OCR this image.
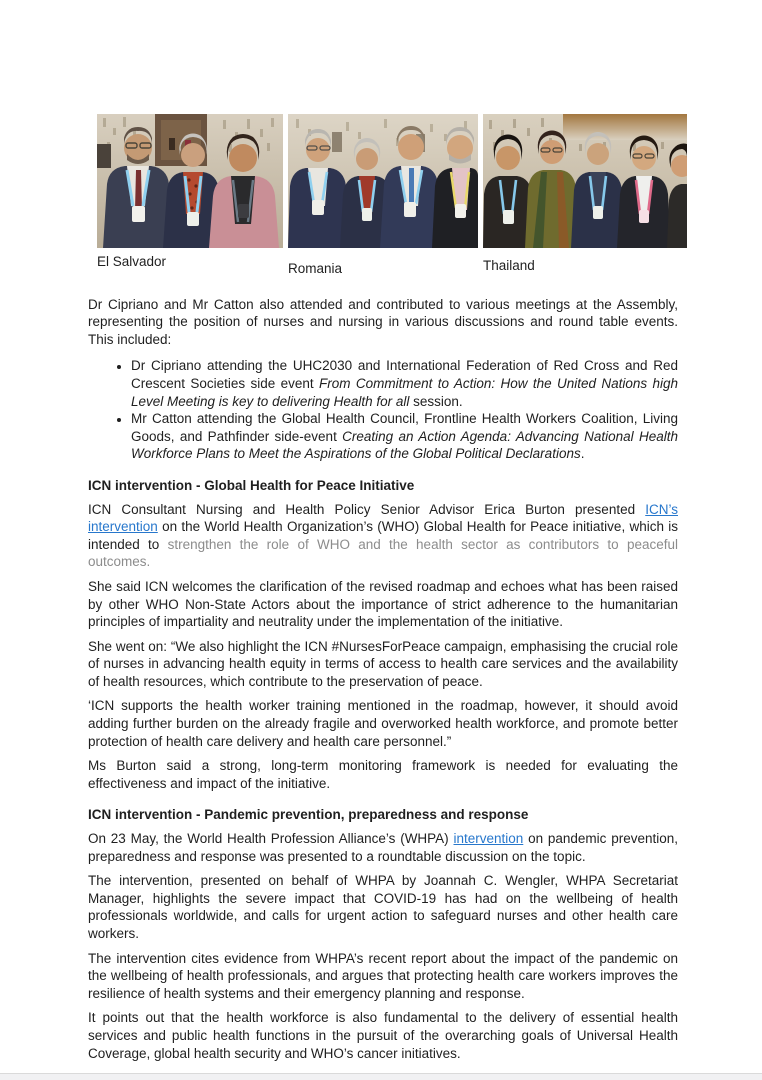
El Salvador	Romania	Thailand

Dr Cipriano and Mr Catton also attended and contributed to various meetings at the Assembly, representing the position of nurses and nursing in various discussions and round table events. This included:

• Dr Cipriano attending the UHC2030 and International Federation of Red Cross and Red Crescent Societies side event From Commitment to Action: How the United Nations high Level Meeting is key to delivering Health for all session.
• Mr Catton attending the Global Health Council, Frontline Health Workers Coalition, Living Goods, and Pathfinder side-event Creating an Action Agenda: Advancing National Health Workforce Plans to Meet the Aspirations of the Global Political Declarations.
ICN intervention - Global Health for Peace Initiative

ICN Consultant Nursing and Health Policy Senior Advisor Erica Burton presented ICN’s intervention on the World Health Organization’s (WHO) Global Health for Peace initiative, which is intended to strengthen the role of WHO and the health sector as contributors to peaceful outcomes.

She said ICN welcomes the clarification of the revised roadmap and echoes what has been raised by other WHO Non-State Actors about the importance of strict adherence to the humanitarian principles of impartiality and neutrality under the implementation of the initiative.

She went on: “We also highlight the ICN #NursesForPeace campaign, emphasising the crucial role of nurses in advancing health equity in terms of access to health care services and the availability of health resources, which contribute to the preservation of peace.

‘ICN supports the health worker training mentioned in the roadmap, however, it should avoid adding further burden on the already fragile and overworked health workforce, and promote better protection of health care delivery and health care personnel.”

Ms Burton said a strong, long-term monitoring framework is needed for evaluating the effectiveness and impact of the initiative.

ICN intervention - Pandemic prevention, preparedness and response

On 23 May, the World Health Profession Alliance’s (WHPA) intervention on pandemic prevention, preparedness and response was presented to a roundtable discussion on the topic.

The intervention, presented on behalf of WHPA by Joannah C. Wengler, WHPA Secretariat Manager, highlights the severe impact that COVID-19 has had on the wellbeing of health professionals worldwide, and calls for urgent action to safeguard nurses and other health care workers.

The intervention cites evidence from WHPA’s recent report about the impact of the pandemic on the wellbeing of health professionals, and argues that protecting health care workers improves the resilience of health systems and their emergency planning and response.

It points out that the health workforce is also fundamental to the delivery of essential health services and public health functions in the pursuit of the overarching goals of Universal Health Coverage, global health security and WHO’s cancer initiatives.
